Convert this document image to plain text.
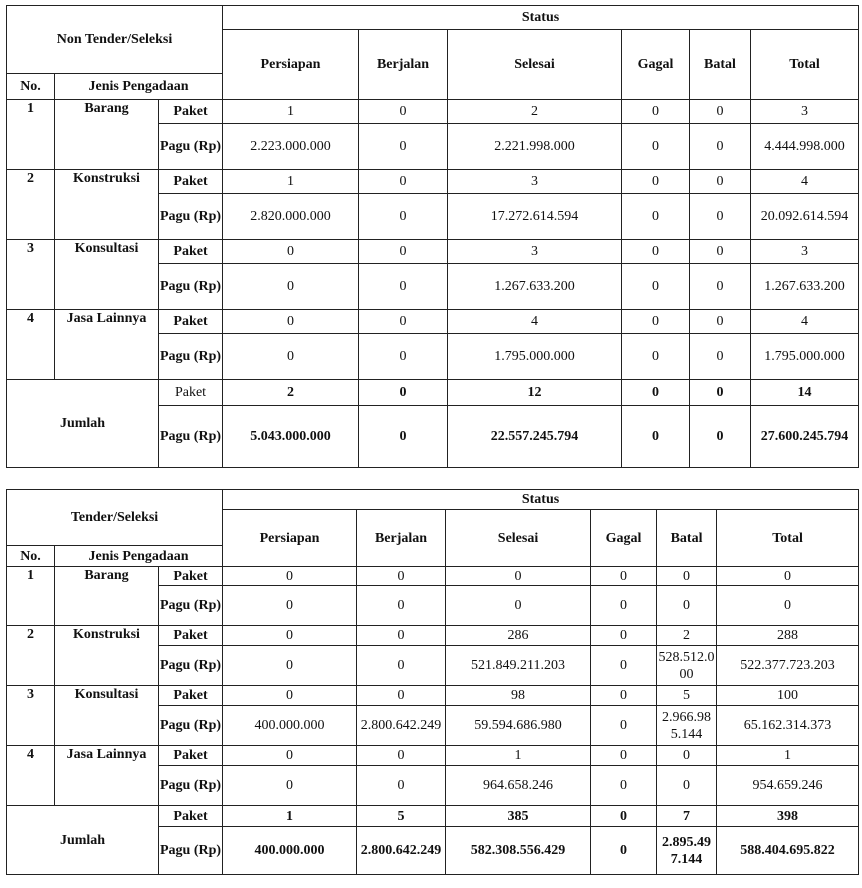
Non Tender/Seleksi			Status					
			Persiapan	Berjalan	Selesai	Gagal	Batal	Total
No.	Jenis Pengadaan							
1	Barang	Paket	1	0	2	0	0	3
		Pagu (Rp)	2.223.000.000	0	2.221.998.000	0	0	4.444.998.000
2	Konstruksi	Paket	1	0	3	0	0	4
		Pagu (Rp)	2.820.000.000	0	17.272.614.594	0	0	20.092.614.594
3	Konsultasi	Paket	0	0	3	0	0	3
		Pagu (Rp)	0	0	1.267.633.200	0	0	1.267.633.200
4	Jasa Lainnya	Paket	0	0	4	0	0	4
		Pagu (Rp)	0	0	1.795.000.000	0	0	1.795.000.000
Jumlah		Paket	2	0	12	0	0	14
		Pagu (Rp)	5.043.000.000	0	22.557.245.794	0	0	27.600.245.794
Tender/Seleksi			Status					
			Persiapan	Berjalan	Selesai	Gagal	Batal	Total
No.	Jenis Pengadaan							
1	Barang	Paket	0	0	0	0	0	0
		Pagu (Rp)	0	0	0	0	0	0
2	Konstruksi	Paket	0	0	286	0	2	288
		Pagu (Rp)	0	0	521.849.211.203	0	528.512.000	522.377.723.203
3	Konsultasi	Paket	0	0	98	0	5	100
		Pagu (Rp)	400.000.000	2.800.642.249	59.594.686.980	0	2.966.985.144	65.162.314.373
4	Jasa Lainnya	Paket	0	0	1	0	0	1
		Pagu (Rp)	0	0	964.658.246	0	0	954.659.246
Jumlah		Paket	1	5	385	0	7	398
		Pagu (Rp)	400.000.000	2.800.642.249	582.308.556.429	0	2.895.497.144	588.404.695.822
